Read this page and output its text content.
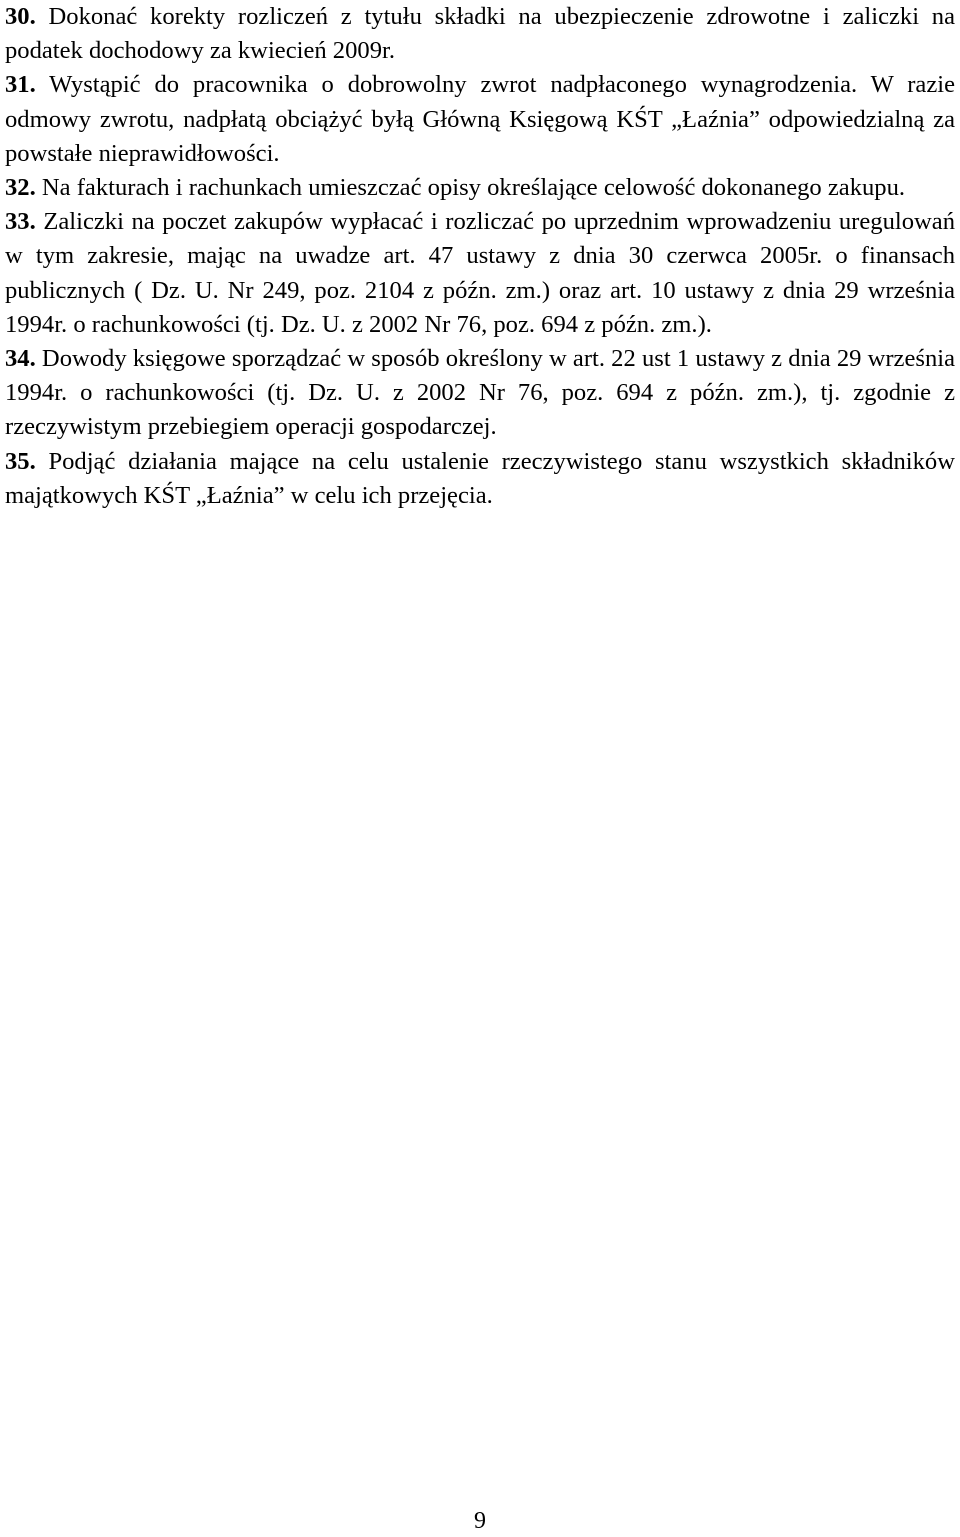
30. Dokonać korekty rozliczeń z tytułu składki na ubezpieczenie zdrowotne i zaliczki na podatek dochodowy za kwiecień 2009r.

31. Wystąpić do pracownika o dobrowolny zwrot nadpłaconego wynagrodzenia. W razie odmowy zwrotu, nadpłatą obciążyć byłą Główną Księgową KŚT „Łaźnia” odpowiedzialną za powstałe nieprawidłowości.

32. Na fakturach i rachunkach umieszczać opisy określające celowość dokonanego zakupu.

33. Zaliczki na poczet zakupów wypłacać i rozliczać po uprzednim wprowadzeniu uregulowań w tym zakresie, mając na uwadze art. 47 ustawy z dnia 30 czerwca 2005r. o finansach publicznych ( Dz. U. Nr 249, poz. 2104 z późn. zm.) oraz art. 10 ustawy z dnia 29 września 1994r. o rachunkowości (tj. Dz. U. z 2002 Nr 76, poz. 694 z późn. zm.).

34. Dowody księgowe sporządzać w sposób określony w art. 22 ust 1 ustawy z dnia 29 września 1994r. o rachunkowości (tj. Dz. U. z 2002 Nr 76, poz. 694 z późn. zm.), tj. zgodnie z rzeczywistym przebiegiem operacji gospodarczej.

35. Podjąć działania mające na celu ustalenie rzeczywistego stanu wszystkich składników majątkowych KŚT „Łaźnia” w celu ich przejęcia.

9
